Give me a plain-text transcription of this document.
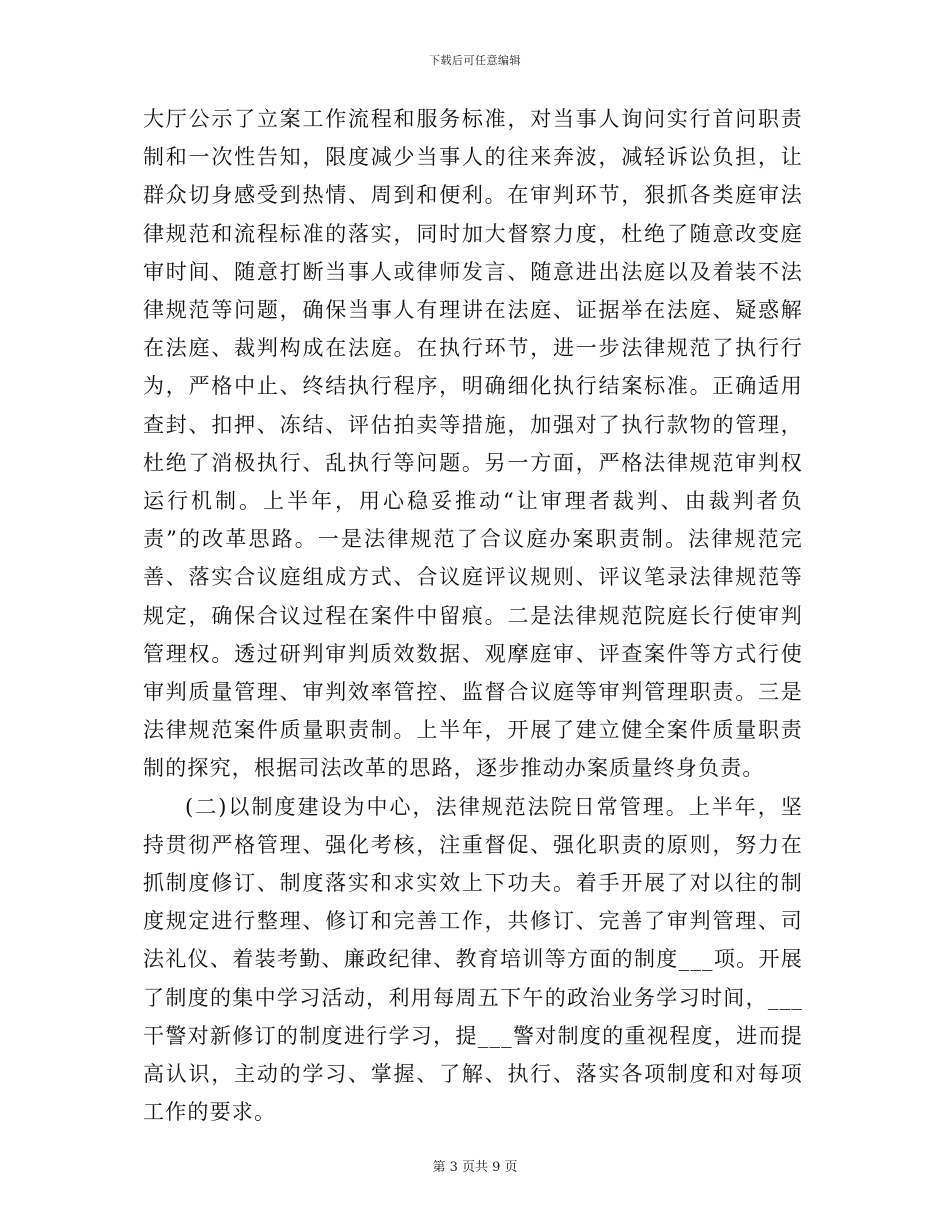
下载后可任意编辑

大厅公示了立案工作流程和服务标准，对当事人询问实行首问职责制和一次性告知，限度减少当事人的往来奔波，减轻诉讼负担，让群众切身感受到热情、周到和便利。在审判环节，狠抓各类庭审法律规范和流程标准的落实，同时加大督察力度，杜绝了随意改变庭审时间、随意打断当事人或律师发言、随意进出法庭以及着装不法律规范等问题，确保当事人有理讲在法庭、证据举在法庭、疑惑解在法庭、裁判构成在法庭。在执行环节，进一步法律规范了执行行为，严格中止、终结执行程序，明确细化执行结案标准。正确适用查封、扣押、冻结、评估拍卖等措施，加强对了执行款物的管理，杜绝了消极执行、乱执行等问题。另一方面，严格法律规范审判权运行机制。上半年，用心稳妥推动“让审理者裁判、由裁判者负责”的改革思路。一是法律规范了合议庭办案职责制。法律规范完善、落实合议庭组成方式、合议庭评议规则、评议笔录法律规范等规定，确保合议过程在案件中留痕。二是法律规范院庭长行使审判管理权。透过研判审判质效数据、观摩庭审、评查案件等方式行使审判质量管理、审判效率管控、监督合议庭等审判管理职责。三是法律规范案件质量职责制。上半年，开展了建立健全案件质量职责制的探究，根据司法改革的思路，逐步推动办案质量终身负责。

(二)以制度建设为中心，法律规范法院日常管理。上半年，坚持贯彻严格管理、强化考核，注重督促、强化职责的原则，努力在抓制度修订、制度落实和求实效上下功夫。着手开展了对以往的制度规定进行整理、修订和完善工作，共修订、完善了审判管理、司法礼仪、着装考勤、廉政纪律、教育培训等方面的制度___项。开展了制度的集中学习活动，利用每周五下午的政治业务学习时间，___干警对新修订的制度进行学习，提___警对制度的重视程度，进而提高认识，主动的学习、掌握、了解、执行、落实各项制度和对每项工作的要求。

第 3 页共 9 页
